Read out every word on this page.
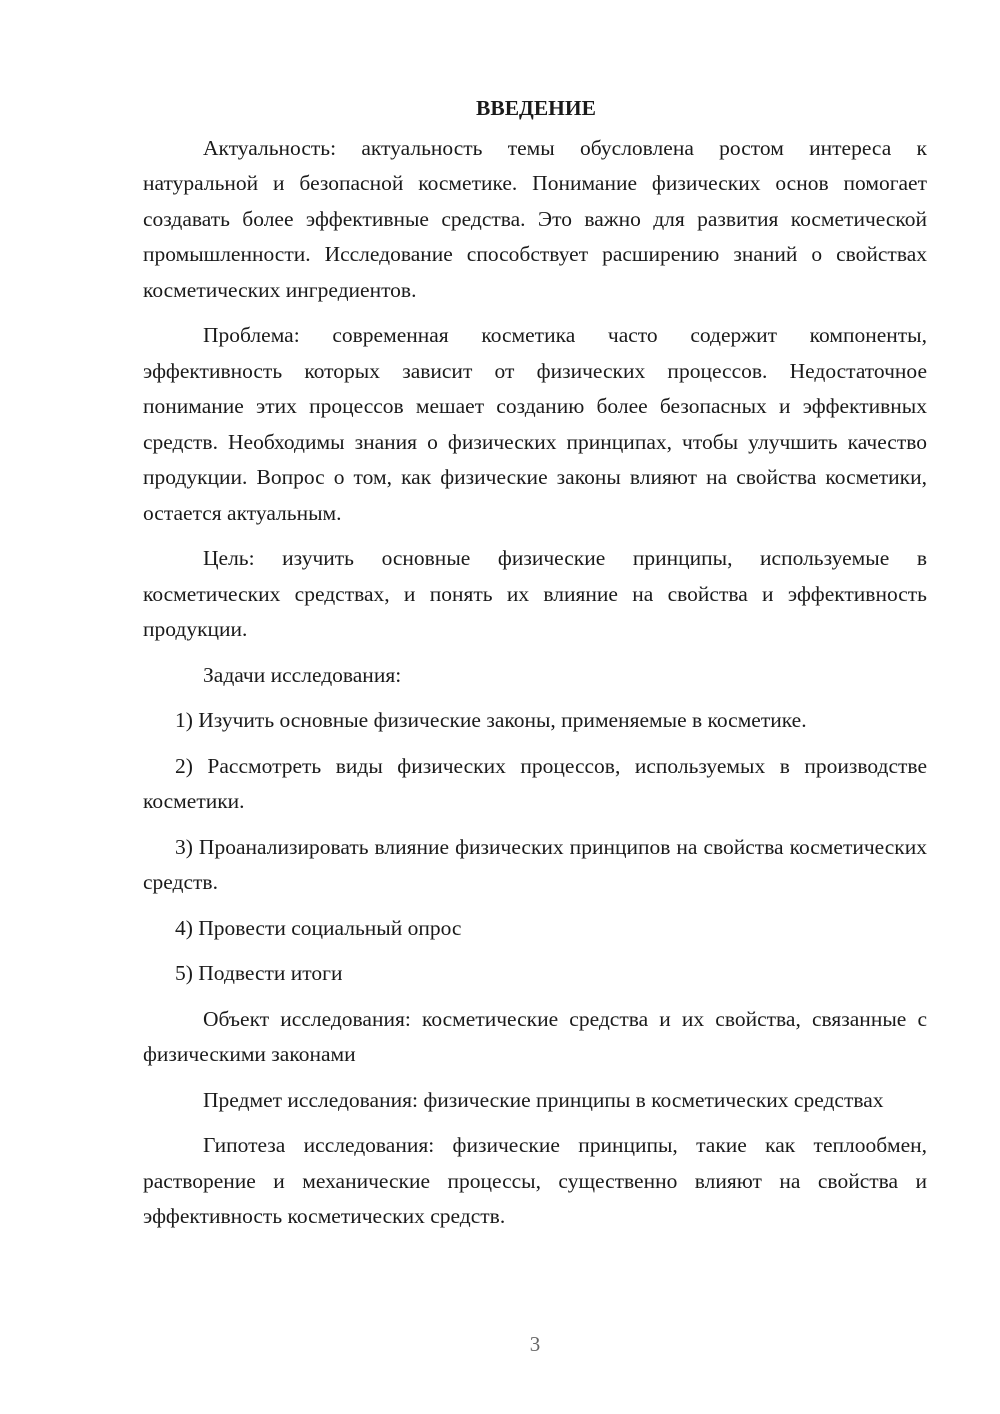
ВВЕДЕНИЕ

Актуальность: актуальность темы обусловлена ростом интереса к натуральной и безопасной косметике. Понимание физических основ помогает создавать более эффективные средства. Это важно для развития косметической промышленности. Исследование способствует расширению знаний о свойствах косметических ингредиентов.

Проблема: современная косметика часто содержит компоненты, эффективность которых зависит от физических процессов. Недостаточное понимание этих процессов мешает созданию более безопасных и эффективных средств. Необходимы знания о физических принципах, чтобы улучшить качество продукции. Вопрос о том, как физические законы влияют на свойства косметики, остается актуальным.

Цель: изучить основные физические принципы, используемые в косметических средствах, и понять их влияние на свойства и эффективность продукции.

Задачи исследования:

1) Изучить основные физические законы, применяемые в косметике.

2) Рассмотреть виды физических процессов, используемых в производстве косметики.

3) Проанализировать влияние физических принципов на свойства косметических средств.

4) Провести социальный опрос

5) Подвести итоги

Объект исследования: косметические средства и их свойства, связанные с физическими законами

Предмет исследования: физические принципы в косметических средствах

Гипотеза исследования: физические принципы, такие как теплообмен, растворение и механические процессы, существенно влияют на свойства и эффективность косметических средств.

3
